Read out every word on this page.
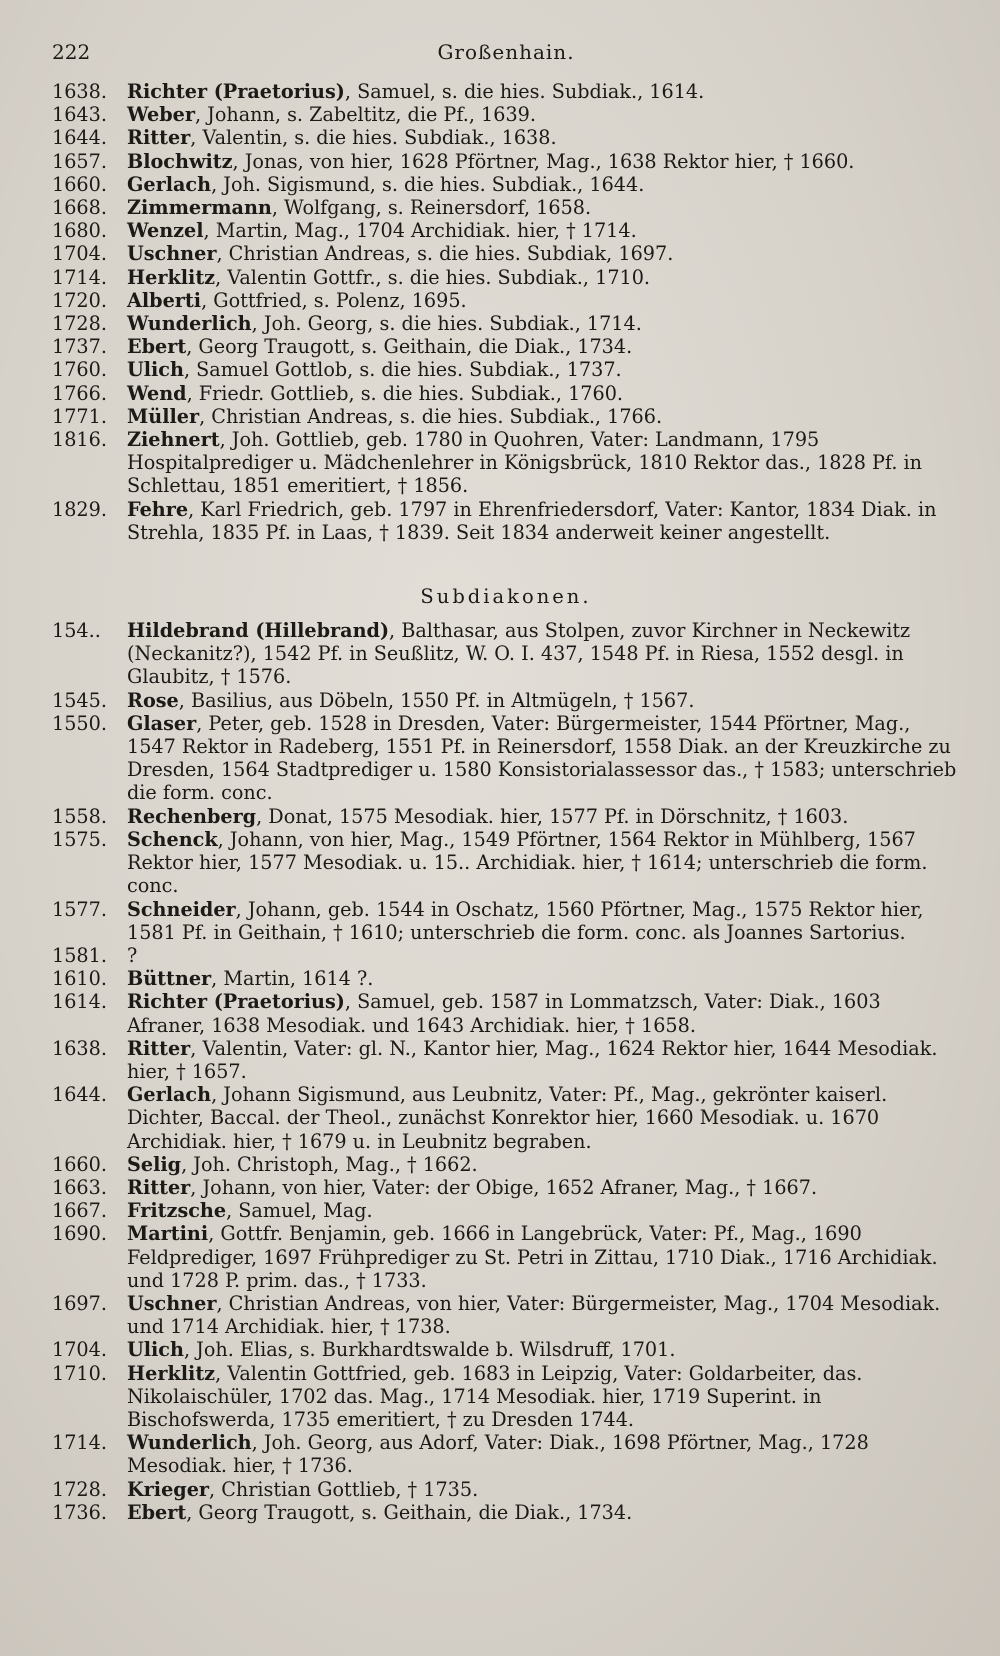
222	Großenhain.
1638. Richter (Praetorius), Samuel, s. die hies. Subdiak., 1614.
1643. Weber, Johann, s. Zabeltitz, die Pf., 1639.
1644. Ritter, Valentin, s. die hies. Subdiak., 1638.
1657. Blochwitz, Jonas, von hier, 1628 Pförtner, Mag., 1638 Rektor hier, † 1660.
1660. Gerlach, Joh. Sigismund, s. die hies. Subdiak., 1644.
1668. Zimmermann, Wolfgang, s. Reinersdorf, 1658.
1680. Wenzel, Martin, Mag., 1704 Archidiak. hier, † 1714.
1704. Uschner, Christian Andreas, s. die hies. Subdiak, 1697.
1714. Herklitz, Valentin Gottfr., s. die hies. Subdiak., 1710.
1720. Alberti, Gottfried, s. Polenz, 1695.
1728. Wunderlich, Joh. Georg, s. die hies. Subdiak., 1714.
1737. Ebert, Georg Traugott, s. Geithain, die Diak., 1734.
1760. Ulich, Samuel Gottlob, s. die hies. Subdiak., 1737.
1766. Wend, Friedr. Gottlieb, s. die hies. Subdiak., 1760.
1771. Müller, Christian Andreas, s. die hies. Subdiak., 1766.
1816. Ziehnert, Joh. Gottlieb, geb. 1780 in Quohren, Vater: Landmann, 1795 Hospitalprediger u. Mädchenlehrer in Königsbrück, 1810 Rektor das., 1828 Pf. in Schlettau, 1851 emeritiert, † 1856.
1829. Fehre, Karl Friedrich, geb. 1797 in Ehrenfriedersdorf, Vater: Kantor, 1834 Diak. in Strehla, 1835 Pf. in Laas, † 1839. Seit 1834 anderweit keiner angestellt.
Subdiakonen.
154.. Hildebrand (Hillebrand), Balthasar, aus Stolpen, zuvor Kirchner in Neckewitz (Neckanitz?), 1542 Pf. in Seußlitz, W. O. I. 437, 1548 Pf. in Riesa, 1552 desgl. in Glaubitz, † 1576.
1545. Rose, Basilius, aus Döbeln, 1550 Pf. in Altmügeln, † 1567.
1550. Glaser, Peter, geb. 1528 in Dresden, Vater: Bürgermeister, 1544 Pförtner, Mag., 1547 Rektor in Radeberg, 1551 Pf. in Reinersdorf, 1558 Diak. an der Kreuzkirche zu Dresden, 1564 Stadtprediger u. 1580 Konsistorialassessor das., † 1583; unterschrieb die form. conc.
1558. Rechenberg, Donat, 1575 Mesodiak. hier, 1577 Pf. in Dörschnitz, † 1603.
1575. Schenck, Johann, von hier, Mag., 1549 Pförtner, 1564 Rektor in Mühlberg, 1567 Rektor hier, 1577 Mesodiak. u. 15.. Archidiak. hier, † 1614; unterschrieb die form. conc.
1577. Schneider, Johann, geb. 1544 in Oschatz, 1560 Pförtner, Mag., 1575 Rektor hier, 1581 Pf. in Geithain, † 1610; unterschrieb die form. conc. als Joannes Sartorius.
1581. ?
1610. Büttner, Martin, 1614 ?.
1614. Richter (Praetorius), Samuel, geb. 1587 in Lommatzsch, Vater: Diak., 1603 Afraner, 1638 Mesodiak. und 1643 Archidiak. hier, † 1658.
1638. Ritter, Valentin, Vater: gl. N., Kantor hier, Mag., 1624 Rektor hier, 1644 Mesodiak. hier, † 1657.
1644. Gerlach, Johann Sigismund, aus Leubnitz, Vater: Pf., Mag., gekrönter kaiserl. Dichter, Baccal. der Theol., zunächst Konrektor hier, 1660 Mesodiak. u. 1670 Archidiak. hier, † 1679 u. in Leubnitz begraben.
1660. Selig, Joh. Christoph, Mag., † 1662.
1663. Ritter, Johann, von hier, Vater: der Obige, 1652 Afraner, Mag., † 1667.
1667. Fritzsche, Samuel, Mag.
1690. Martini, Gottfr. Benjamin, geb. 1666 in Langebrück, Vater: Pf., Mag., 1690 Feldprediger, 1697 Frühprediger zu St. Petri in Zittau, 1710 Diak., 1716 Archidiak. und 1728 P. prim. das., † 1733.
1697. Uschner, Christian Andreas, von hier, Vater: Bürgermeister, Mag., 1704 Mesodiak. und 1714 Archidiak. hier, † 1738.
1704. Ulich, Joh. Elias, s. Burkhardtswalde b. Wilsdruff, 1701.
1710. Herklitz, Valentin Gottfried, geb. 1683 in Leipzig, Vater: Goldarbeiter, das. Nikolaischüler, 1702 das. Mag., 1714 Mesodiak. hier, 1719 Superint. in Bischofswerda, 1735 emeritiert, † zu Dresden 1744.
1714. Wunderlich, Joh. Georg, aus Adorf, Vater: Diak., 1698 Pförtner, Mag., 1728 Mesodiak. hier, † 1736.
1728. Krieger, Christian Gottlieb, † 1735.
1736. Ebert, Georg Traugott, s. Geithain, die Diak., 1734.
